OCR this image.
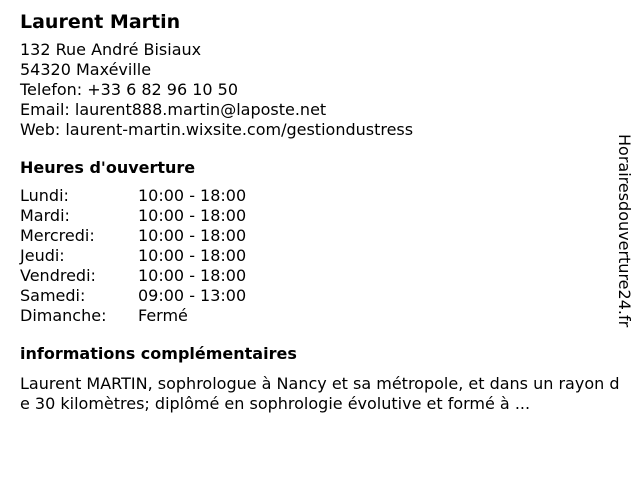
Laurent Martin
132 Rue André Bisiaux
54320 Maxéville
Telefon: +33 6 82 96 10 50
Email: laurent888.martin@laposte.net
Web: laurent-martin.wixsite.com/gestiondustress
Heures d'ouverture
Lundi:	10:00 - 18:00
Mardi:	10:00 - 18:00
Mercredi:	10:00 - 18:00
Jeudi:	10:00 - 18:00
Vendredi:	10:00 - 18:00
Samedi:	09:00 - 13:00
Dimanche:	Fermé
informations complémentaires
Laurent MARTIN, sophrologue à Nancy et sa métropole, et dans un rayon de 30 kilomètres; diplômé en sophrologie évolutive et formé à ...
Horairesdouverture24.fr
